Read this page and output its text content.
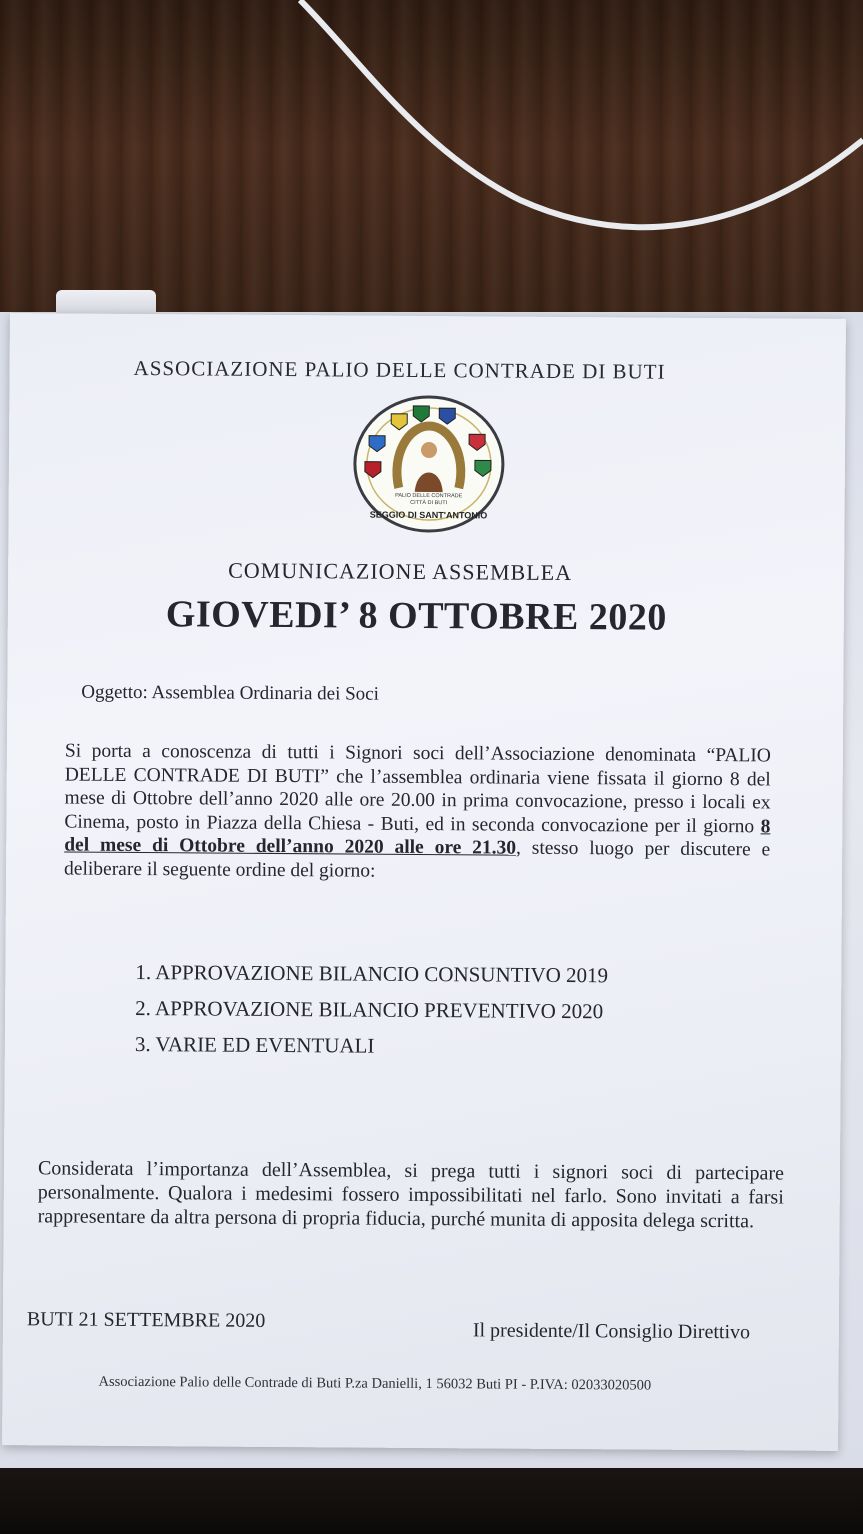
ASSOCIAZIONE PALIO DELLE CONTRADE DI BUTI
PALIO DELLE CONTRADE
CITTÀ DI BUTI
SEGGIO DI SANT'ANTONIO
COMUNICAZIONE ASSEMBLEA
GIOVEDI’ 8 OTTOBRE 2020
Oggetto: Assemblea Ordinaria dei Soci
Si porta a conoscenza di tutti i Signori soci dell’Associazione denominata “PALIO DELLE CONTRADE DI BUTI” che l’assemblea ordinaria viene fissata il giorno 8 del mese di Ottobre dell’anno 2020 alle ore 20.00 in prima convocazione, presso i locali ex Cinema, posto in Piazza della Chiesa - Buti, ed in seconda convocazione per il giorno 8 del mese di Ottobre dell’anno 2020 alle ore 21.30, stesso luogo per discutere e deliberare il seguente ordine del giorno:
1. APPROVAZIONE BILANCIO CONSUNTIVO 2019
2. APPROVAZIONE BILANCIO PREVENTIVO 2020
3. VARIE ED EVENTUALI
Considerata l’importanza dell’Assemblea, si prega tutti i signori soci di partecipare personalmente. Qualora i medesimi fossero impossibilitati nel farlo. Sono invitati a farsi rappresentare da altra persona di propria fiducia, purché munita di apposita delega scritta.
BUTI 21 SETTEMBRE 2020	Il presidente/Il Consiglio Direttivo
Associazione Palio delle Contrade di Buti P.za Danielli, 1 56032 Buti PI - P.IVA: 02033020500
